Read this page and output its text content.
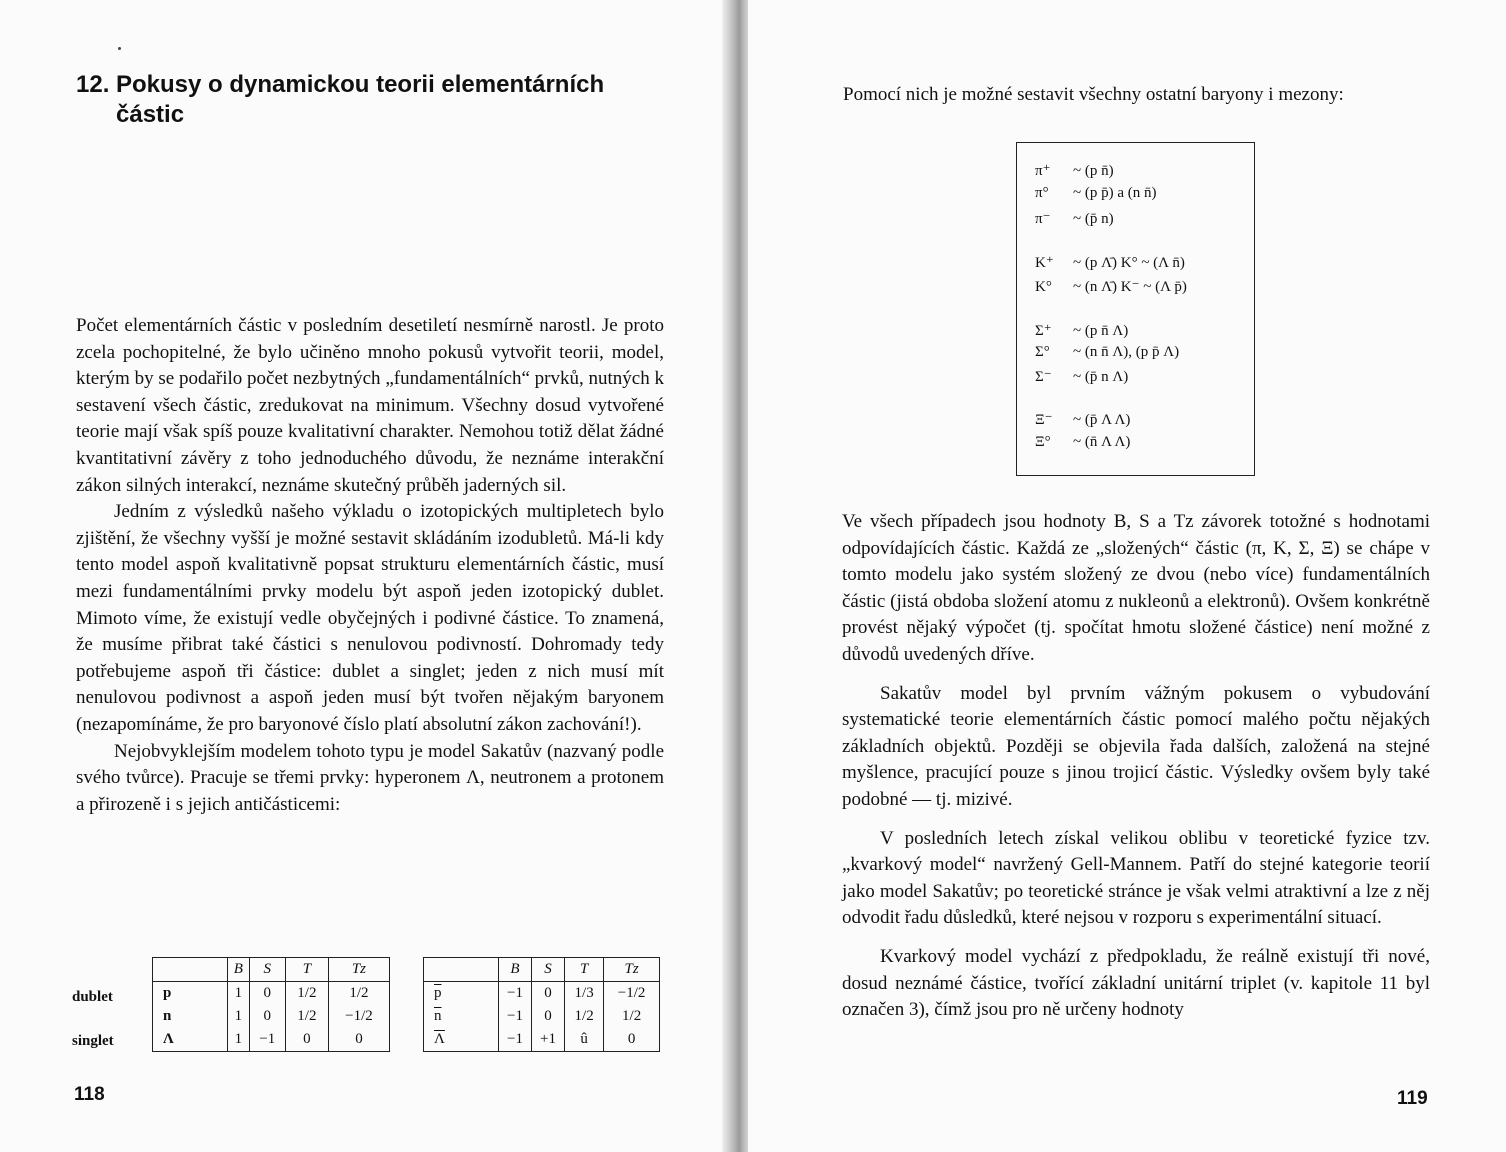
12. Pokusy o dynamickou teorii elementárních
částic

Počet elementárních částic v posledním desetiletí nesmírně narostl. Je proto zcela pochopitelné, že bylo učiněno mnoho pokusů vytvořit teorii, model, kterým by se podařilo počet nezbytných „fundamentálních“ prvků, nutných k sestavení všech částic, zredukovat na minimum. Všechny dosud vytvořené teorie mají však spíš pouze kvalitativní charakter. Nemohou totiž dělat žádné kvantitativní závěry z toho jednoduchého důvodu, že neznáme interakční zákon silných interakcí, neznáme skutečný průběh jaderných sil.

Jedním z výsledků našeho výkladu o izotopických multipletech bylo zjištění, že všechny vyšší je možné sestavit skládáním izodubletů. Má-li kdy tento model aspoň kvalitativně popsat strukturu elementárních částic, musí mezi fundamentálními prvky modelu být aspoň jeden izotopický dublet. Mimoto víme, že existují vedle obyčejných i podivné částice. To znamená, že musíme přibrat také částici s nenulovou podivností. Dohromady tedy potřebujeme aspoň tři částice: dublet a singlet; jeden z nich musí mít nenulovou podivnost a aspoň jeden musí být tvořen nějakým baryonem (nezapomínáme, že pro baryonové číslo platí absolutní zákon zachování!).

Nejobvyklejším modelem tohoto typu je model Sakatův (nazvaný podle svého tvůrce). Pracuje se třemi prvky: hyperonem Λ, neutronem a protonem a přirozeně i s jejich antičásticemi:

dublet
singlet
	B	S	T	Tz
p	1	0	1/2	1/2
n	1	0	1/2	−1/2
Λ	1	−1	0	0
	B	S	T	Tz
$\overline{p}$	−1	0	1/3	−1/2
$\overline{n}$	−1	0	1/2	1/2
$\overline{\Lambda}$	−1	+1	û	0
118
Pomocí nich je možné sestavit všechny ostatní baryony i mezony:
π⁺ ~ (p n̄)
π° ~ (p p̄) a (n n̄)
π⁻ ~ (p̄ n)
K⁺ ~ (p Λ̄) K° ~ (Λ n̄)
K° ~ (n Λ̄) K⁻ ~ (Λ p̄)
Σ⁺ ~ (p n̄ Λ)
Σ° ~ (n n̄ Λ), (p p̄ Λ)
Σ⁻ ~ (p̄ n Λ)
Ξ⁻ ~ (p̄ Λ Λ)
Ξ° ~ (n̄ Λ Λ)

Ve všech případech jsou hodnoty B, S a Tz závorek totožné s hodnotami odpovídajících částic. Každá ze „složených“ částic (π, K, Σ, Ξ) se chápe v tomto modelu jako systém složený ze dvou (nebo více) fundamentálních částic (jistá obdoba složení atomu z nukleonů a elektronů). Ovšem konkrétně provést nějaký výpočet (tj. spočítat hmotu složené částice) není možné z důvodů uvedených dříve.

Sakatův model byl prvním vážným pokusem o vybudování systematické teorie elementárních částic pomocí malého počtu nějakých základních objektů. Později se objevila řada dalších, založená na stejné myšlence, pracující pouze s jinou trojicí částic. Výsledky ovšem byly také podobné — tj. mizivé.

V posledních letech získal velikou oblibu v teoretické fyzice tzv. „kvarkový model“ navržený Gell-Mannem. Patří do stejné kategorie teorií jako model Sakatův; po teoretické stránce je však velmi atraktivní a lze z něj odvodit řadu důsledků, které nejsou v rozporu s experimentální situací.

Kvarkový model vychází z předpokladu, že reálně existují tři nové, dosud neznámé částice, tvořící základní unitární triplet (v. kapitole 11 byl označen 3), čímž jsou pro ně určeny hodnoty

119
